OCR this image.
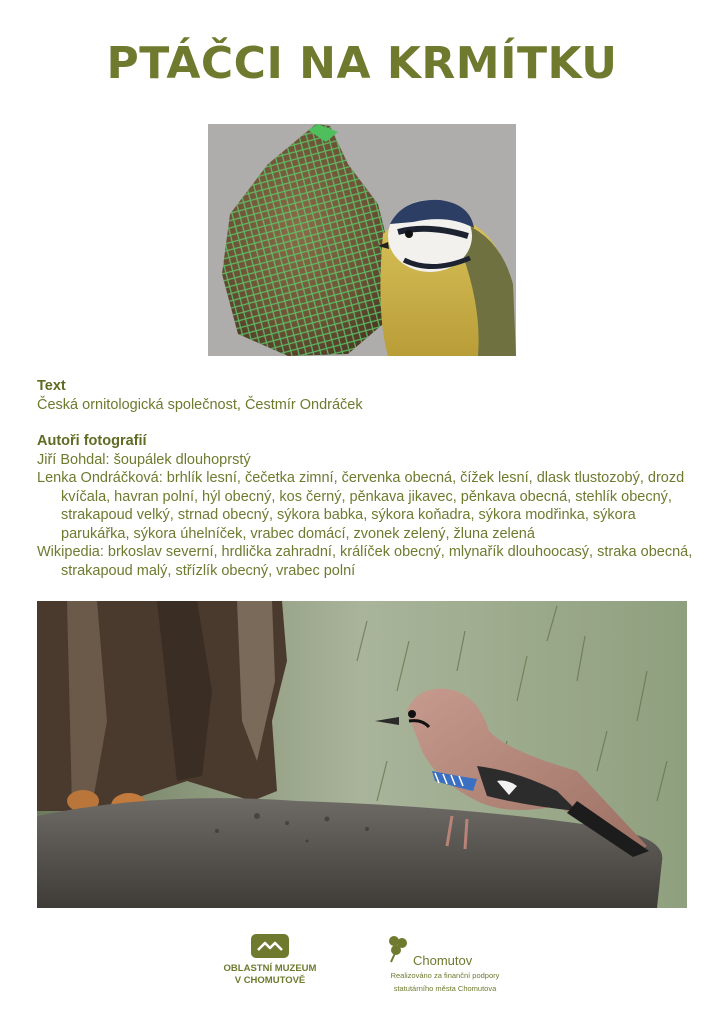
PTÁČCI NA KRMÍTKU
Text
Česká ornitologická společnost, Čestmír Ondráček
Autoři fotografií
Jiří Bohdal: šoupálek dlouhoprstý
Lenka Ondráčková: brhlík lesní, čečetka zimní, červenka obecná, čížek lesní, dlask tlustozobý, drozd kvíčala, havran polní, hýl obecný, kos černý, pěnkava jikavec, pěnkava obecná, stehlík obecný, strakapoud velký, strnad obecný, sýkora babka, sýkora koňadra, sýkora modřinka, sýkora parukářka, sýkora úhelníček, vrabec domácí, zvonek zelený, žluna zelená
Wikipedia: brkoslav severní, hrdlička zahradní, králíček obecný, mlynařík dlouhoocasý, straka obecná, strakapoud malý, střízlík obecný, vrabec polní
OBLASTNÍ MUZEUM
V CHOMUTOVĚ
Chomutov
Realizováno za finanční podpory
statutárního města Chomutova
